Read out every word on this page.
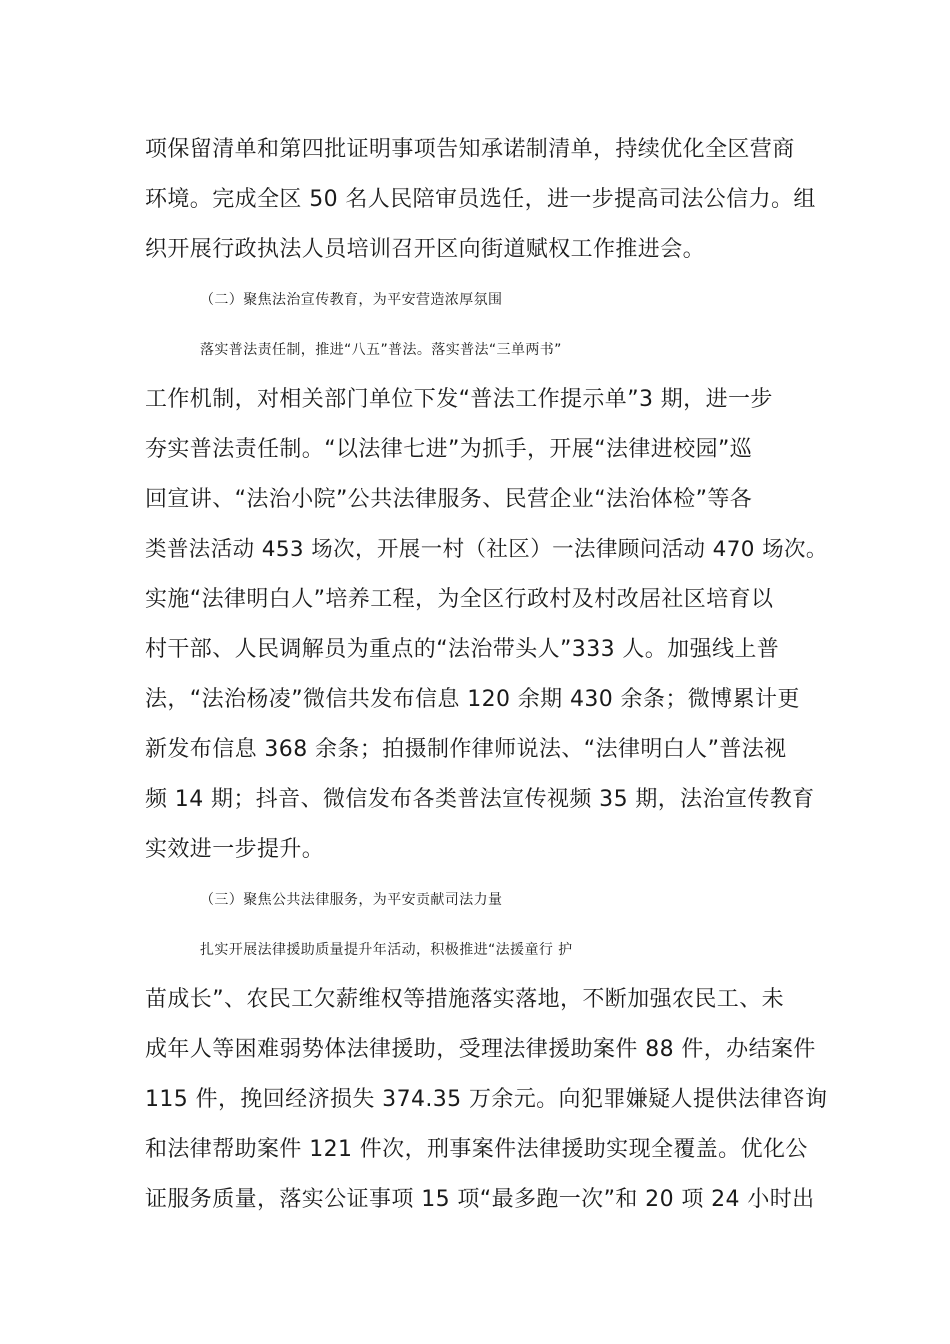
项保留清单和第四批证明事项告知承诺制清单，持续优化全区营商
环境。完成全区 50 名人民陪审员选任，进一步提高司法公信力。组
织开展行政执法人员培训召开区向街道赋权工作推进会。
（二）聚焦法治宣传教育，为平安营造浓厚氛围
落实普法责任制，推进“八五”普法。落实普法“三单两书”
工作机制，对相关部门单位下发“普法工作提示单”3 期，进一步
夯实普法责任制。“以法律七进”为抓手，开展“法律进校园”巡
回宣讲、“法治小院”公共法律服务、民营企业“法治体检”等各
类普法活动 453 场次，开展一村（社区）一法律顾问活动 470 场次。
实施“法律明白人”培养工程，为全区行政村及村改居社区培育以
村干部、人民调解员为重点的“法治带头人”333 人。加强线上普
法，“法治杨凌”微信共发布信息 120 余期 430 余条；微博累计更
新发布信息 368 余条；拍摄制作律师说法、“法律明白人”普法视
频 14 期；抖音、微信发布各类普法宣传视频 35 期，法治宣传教育
实效进一步提升。
（三）聚焦公共法律服务，为平安贡献司法力量
扎实开展法律援助质量提升年活动，积极推进“法援童行 护
苗成长”、农民工欠薪维权等措施落实落地，不断加强农民工、未
成年人等困难弱势体法律援助，受理法律援助案件 88 件，办结案件
115 件，挽回经济损失 374.35 万余元。向犯罪嫌疑人提供法律咨询
和法律帮助案件 121 件次，刑事案件法律援助实现全覆盖。优化公
证服务质量，落实公证事项 15 项“最多跑一次”和 20 项 24 小时出
